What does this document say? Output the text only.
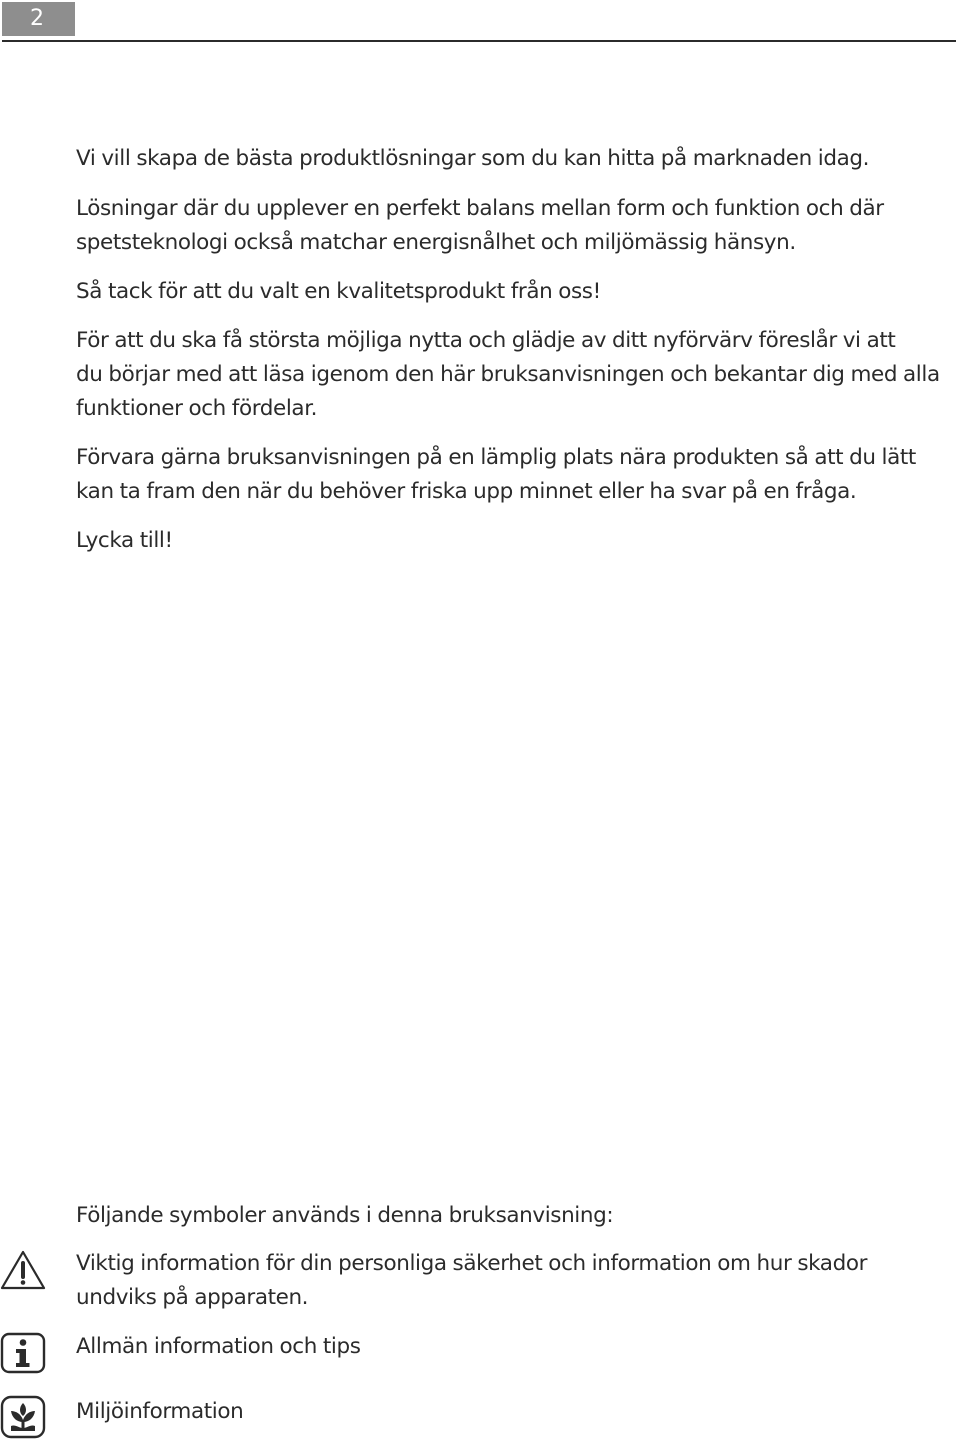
2

Vi vill skapa de bästa produktlösningar som du kan hitta på marknaden idag.

Lösningar där du upplever en perfekt balans mellan form och funktion och där
spetsteknologi också matchar energisnålhet och miljömässig hänsyn.

Så tack för att du valt en kvalitetsprodukt från oss!

För att du ska få största möjliga nytta och glädje av ditt nyförvärv föreslår vi att
du börjar med att läsa igenom den här bruksanvisningen och bekantar dig med alla
funktioner och fördelar.

Förvara gärna bruksanvisningen på en lämplig plats nära produkten så att du lätt
kan ta fram den när du behöver friska upp minnet eller ha svar på en fråga.

Lycka till!

Följande symboler används i denna bruksanvisning:

Viktig information för din personliga säkerhet och information om hur skador
undviks på apparaten.

Allmän information och tips

Miljöinformation
